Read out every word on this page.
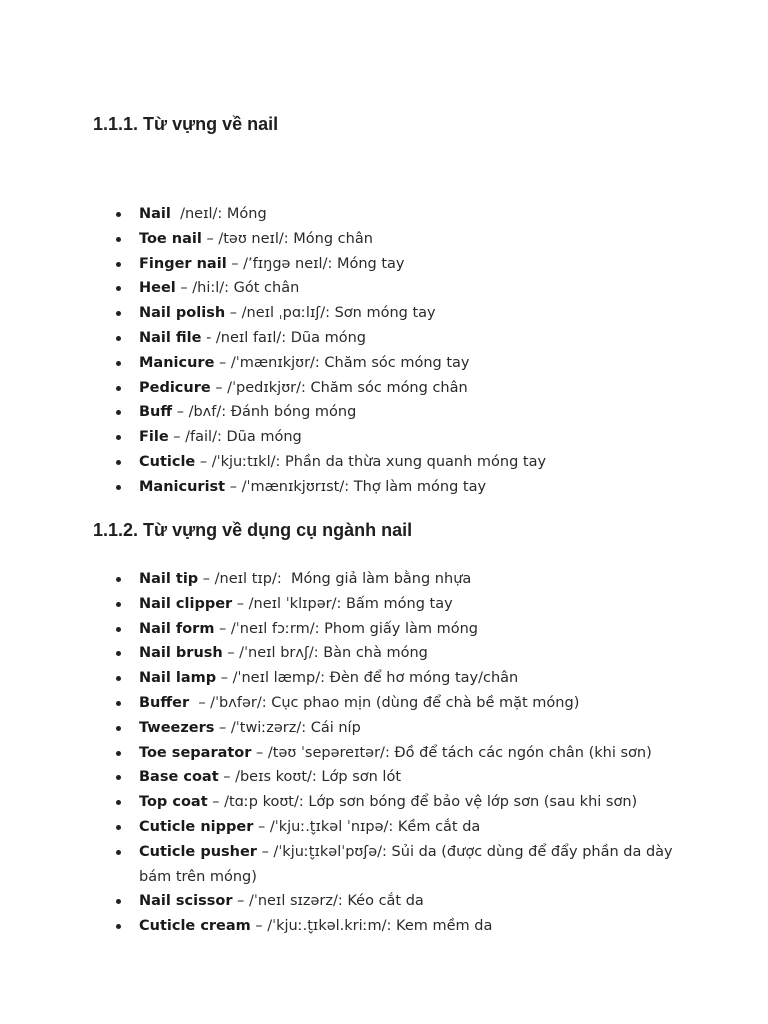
1.1.1. Từ vựng về nail
Nail  /neɪl/: Móng
Toe nail – /təʊ neɪl/: Móng chân
Finger nail – /’fɪŋgə neɪl/: Móng tay
Heel – /hi:l/: Gót chân
Nail polish – /neɪl ˌpɑːlɪʃ/: Sơn móng tay
Nail file - /neɪl faɪl/: Dũa móng
Manicure – /ˈmænɪkjʊr/: Chăm sóc móng tay
Pedicure – /ˈpedɪkjʊr/: Chăm sóc móng chân
Buff – /bʌf/: Đánh bóng móng
File – /fail/: Dũa móng
Cuticle – /ˈkjuːtɪkl/: Phần da thừa xung quanh móng tay
Manicurist – /ˈmænɪkjʊrɪst/: Thợ làm móng tay
1.1.2. Từ vựng về dụng cụ ngành nail
Nail tip – /neɪl tɪp/:  Móng giả làm bằng nhựa
Nail clipper – /neɪl ˈklɪpər/: Bấm móng tay
Nail form – /ˈneɪl fɔːrm/: Phom giấy làm móng
Nail brush – /ˈneɪl brʌʃ/: Bàn chà móng
Nail lamp – /ˈneɪl læmp/: Đèn để hơ móng tay/chân
Buffer  – /ˈbʌfər/: Cục phao mịn (dùng để chà bề mặt móng)
Tweezers – /ˈtwiːzərz/: Cái níp
Toe separator – /təʊ ˈsepəreɪtər/: Đồ để tách các ngón chân (khi sơn)
Base coat – /beɪs koʊt/: Lớp sơn lót
Top coat – /tɑːp koʊt/: Lớp sơn bóng để bảo vệ lớp sơn (sau khi sơn)
Cuticle nipper – /ˈkjuː.t̬ɪkəl ˈnɪpə/: Kềm cắt da
Cuticle pusher – /ˈkjuːt̬ɪkəlˈpʊʃə/: Sủi da (được dùng để đẩy phần da dày bám trên móng)
Nail scissor – /ˈneɪl sɪzərz/: Kéo cắt da
Cuticle cream – /ˈkjuː.t̬ɪkəl.kriːm/: Kem mềm da
